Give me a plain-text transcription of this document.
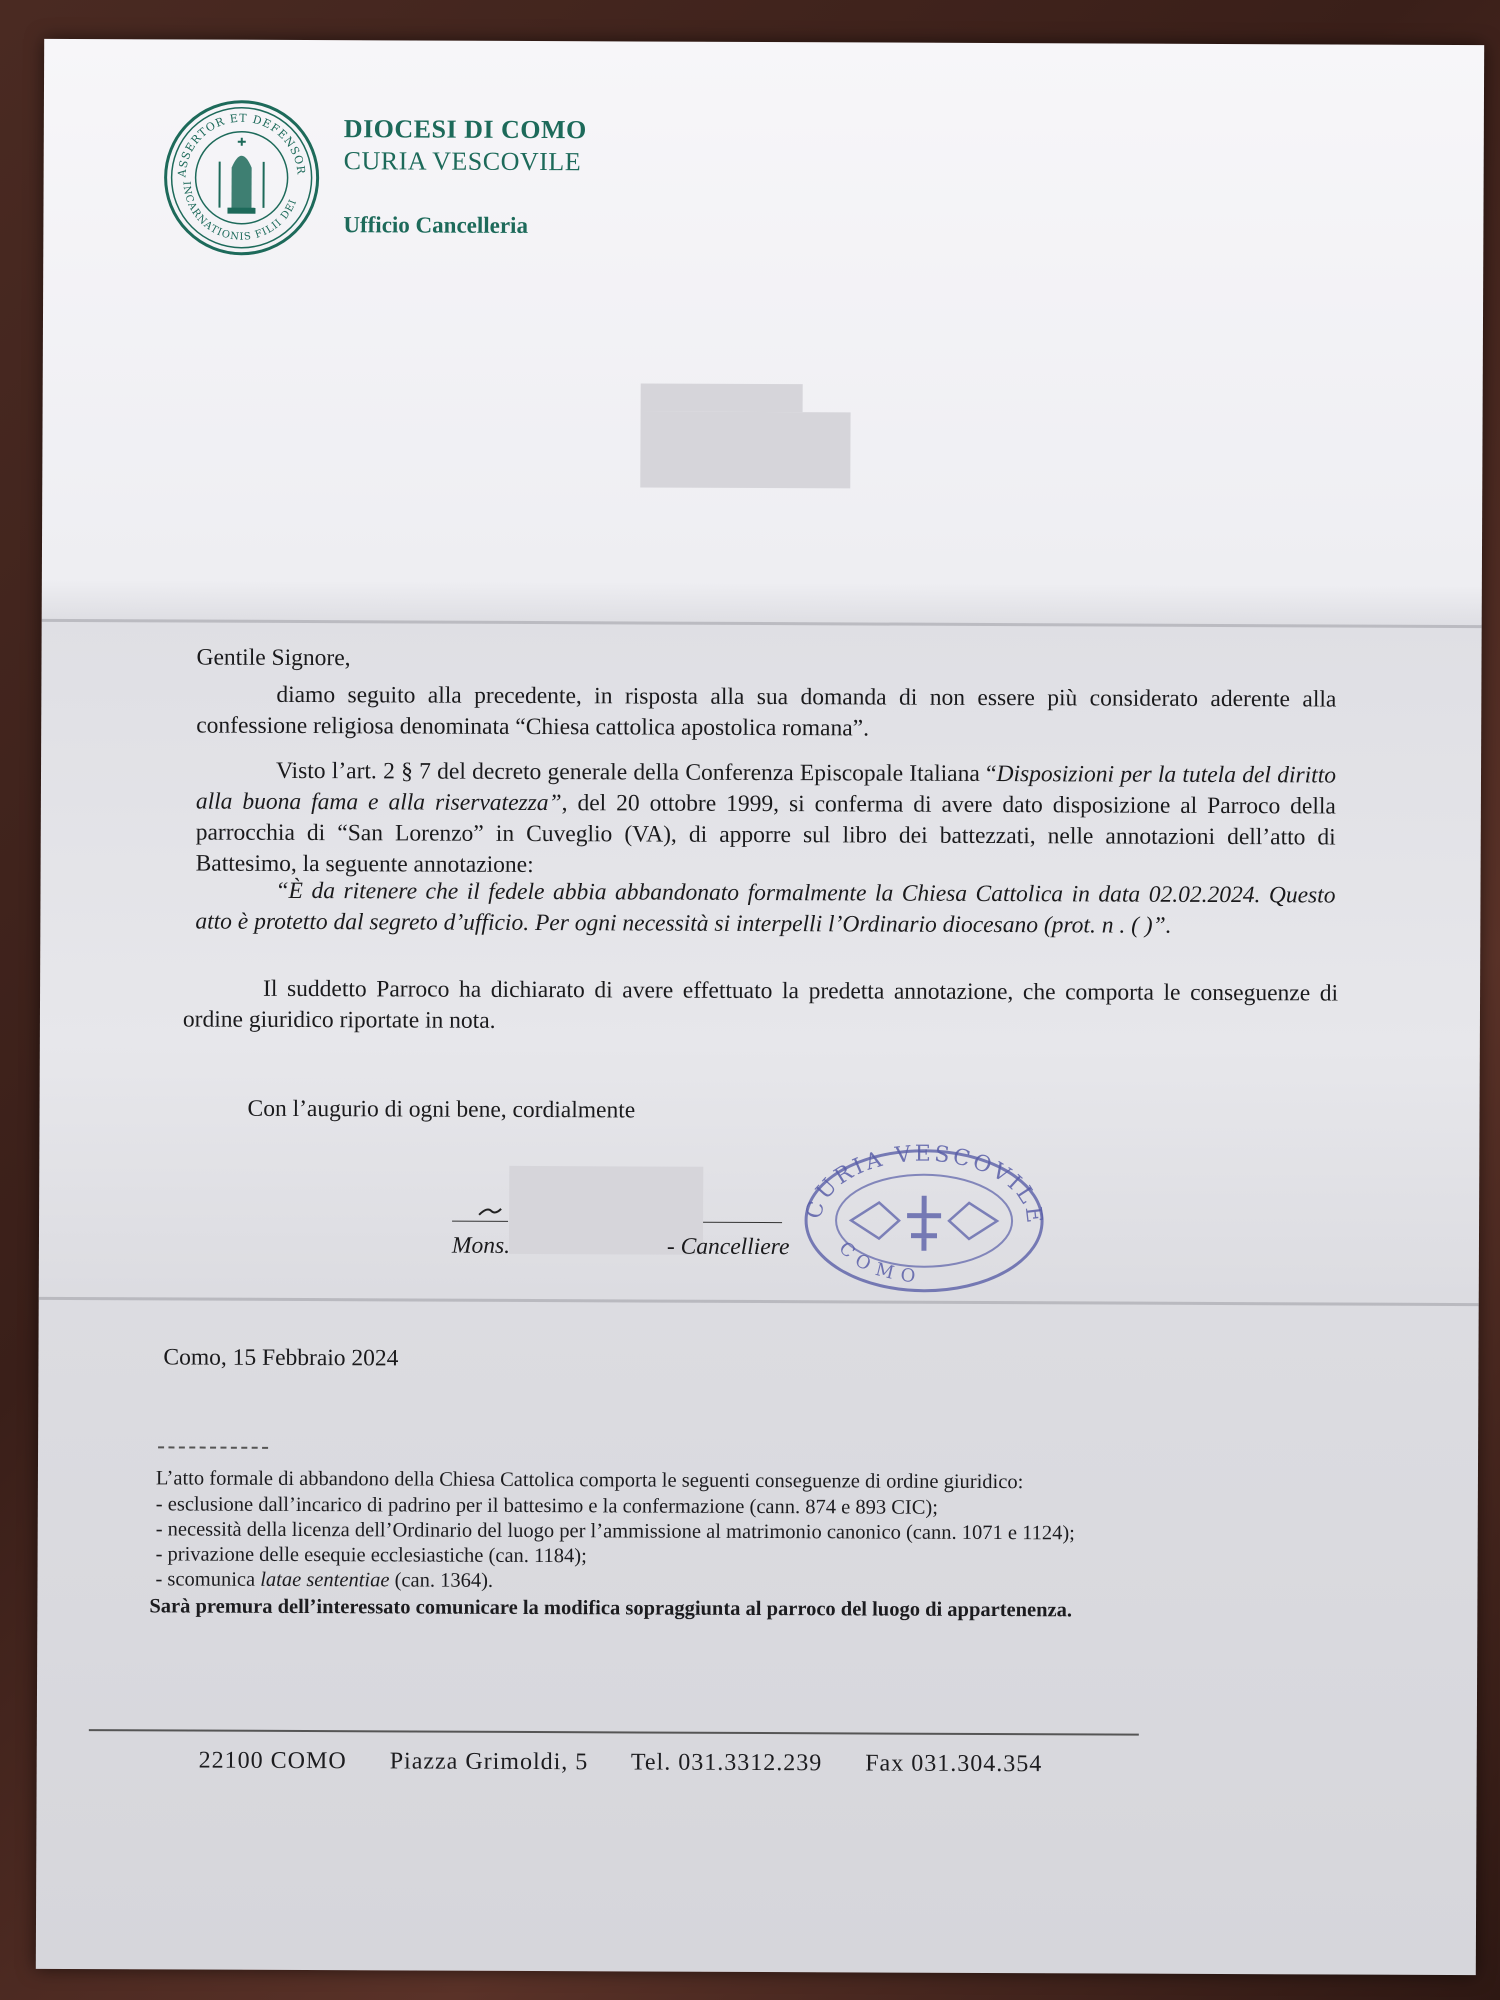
ASSERTOR ET DEFENSOR
INCARNATIONIS FILII DEI
DIOCESI DI COMO
CURIA VESCOVILE
Ufficio Cancelleria
Gentile Signore,
diamo seguito alla precedente, in risposta alla sua domanda di non essere più considerato aderente alla confessione religiosa denominata “Chiesa cattolica apostolica romana”.
Visto l’art. 2 § 7 del decreto generale della Conferenza Episcopale Italiana “Disposizioni per la tutela del diritto alla buona fama e alla riservatezza”, del 20 ottobre 1999, si conferma di avere dato disposizione al Parroco della parrocchia di “San Lorenzo” in Cuveglio (VA), di apporre sul libro dei battezzati, nelle annotazioni dell’atto di Battesimo, la seguente annotazione:
“È da ritenere che il fedele abbia abbandonato formalmente la Chiesa Cattolica in data 02.02.2024. Questo atto è protetto dal segreto d’ufficio. Per ogni necessità si interpelli l’Ordinario diocesano (prot. n . ( )”.
Il suddetto Parroco ha dichiarato di avere effettuato la predetta annotazione, che comporta le conseguenze di ordine giuridico riportate in nota.
Con l’augurio di ogni bene, cordialmente
Mons.	- Cancelliere
CURIA VESCOVILE
COMO
Como, 15 Febbraio 2024
L’atto formale di abbandono della Chiesa Cattolica comporta le seguenti conseguenze di ordine giuridico:
- esclusione dall’incarico di padrino per il battesimo e la confermazione (cann. 874 e 893 CIC);
- necessità della licenza dell’Ordinario del luogo per l’ammissione al matrimonio canonico (cann. 1071 e 1124);
- privazione delle esequie ecclesiastiche (can. 1184);
- scomunica latae sententiae (can. 1364).
Sarà premura dell’interessato comunicare la modifica sopraggiunta al parroco del luogo di appartenenza.
22100 COMO Piazza Grimoldi, 5 Tel. 031.3312.239 Fax 031.304.354
